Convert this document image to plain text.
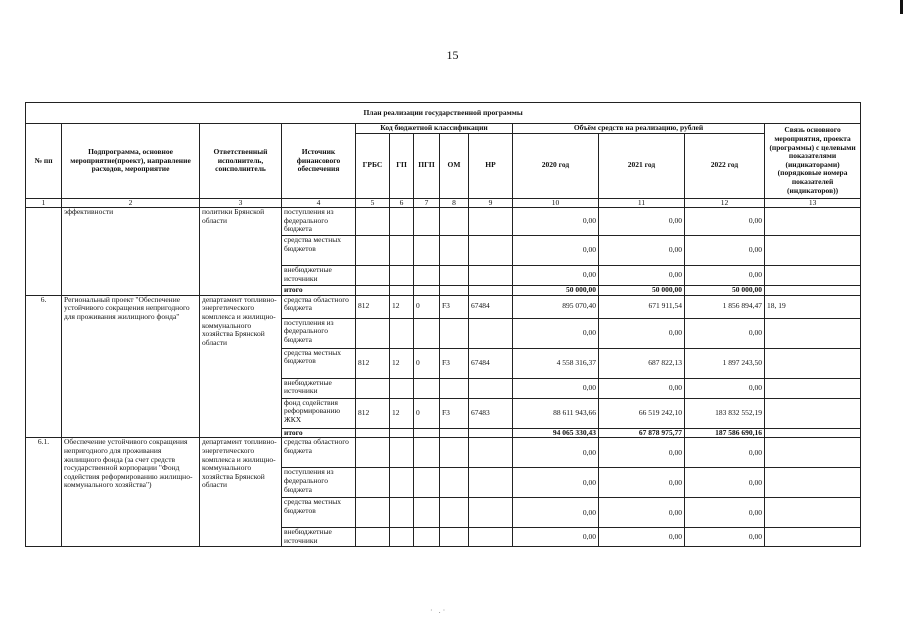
15
План реализации государственной программы												
№ пп	Подпрограмма, основное мероприятие(проект), направление расходов, мероприятие	Ответственный исполнитель, соисполнитель	Источник финансового обеспечения	Код бюджетной классификации					Объём средств на реализацию, рублей			Связь основного мероприятия, проекта (программы) с целевыми показателями (индикаторами) (порядковые номера показателей (индикаторов))
				ГРБС	ГП	ПГП	ОМ	НР	2020 год	2021 год	2022 год	
1	2	3	4	5	6	7	8	9	10	11	12	13
	эффективности	политики Брянской области	поступления из федерального бюджета						0,00	0,00	0,00	
			средства местных бюджетов						0,00	0,00	0,00	
			внебюджетные источники						0,00	0,00	0,00	
			итого						50 000,00	50 000,00	50 000,00	
6.	Региональный проект "Обеспечение устойчивого сокращения непригодного для проживания жилищного фонда"	департамент топливно-энергетического комплекса и жилищно-коммунального хозяйства Брянской области	средства областного бюджета	812	12	0	F3	67484	895 070,40	671 911,54	1 856 894,47	18, 19
			поступления из федерального бюджета						0,00	0,00	0,00	
			средства местных бюджетов	812	12	0	F3	67484	4 558 316,37	687 822,13	1 897 243,50	
			внебюджетные источники						0,00	0,00	0,00	
			фонд содействия реформированию ЖКХ	812	12	0	F3	67483	88 611 943,66	66 519 242,10	183 832 552,19	
			итого						94 065 330,43	67 878 975,77	187 586 690,16	
6.1.	Обеспечение устойчивого сокращения непригодного для проживания жилищного фонда (за счет средств государственной корпорации "Фонд содействия реформированию жилищно-коммунального хозяйства")	департамент топливно-энергетического комплекса и жилищно-коммунального хозяйства Брянской области	средства областного бюджета						0,00	0,00	0,00	
			поступления из федерального бюджета						0,00	0,00	0,00	
			средства местных бюджетов						0,00	0,00	0,00	
			внебюджетные источники						0,00	0,00	0,00	
· .·
